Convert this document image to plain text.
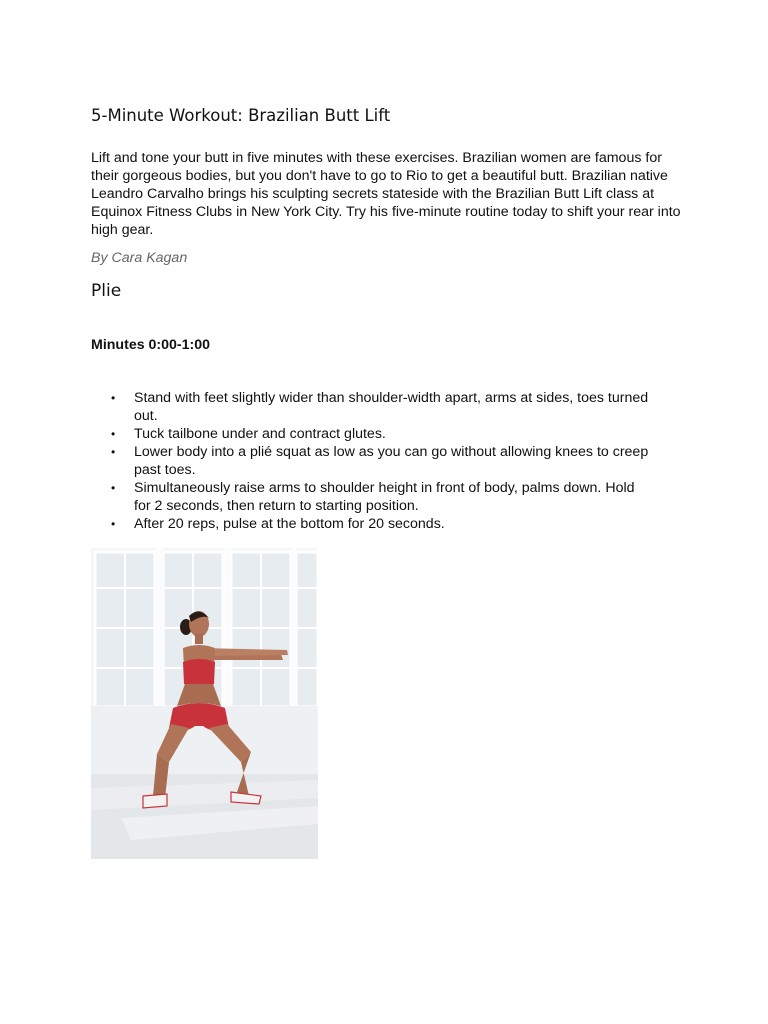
5-Minute Workout: Brazilian Butt Lift

Lift and tone your butt in five minutes with these exercises. Brazilian women are famous for their gorgeous bodies, but you don't have to go to Rio to get a beautiful butt. Brazilian native Leandro Carvalho brings his sculpting secrets stateside with the Brazilian Butt Lift class at Equinox Fitness Clubs in New York City. Try his five-minute routine today to shift your rear into high gear.

By Cara Kagan

Plie

Minutes 0:00-1:00

• Stand with feet slightly wider than shoulder-width apart, arms at sides, toes turned out.
• Tuck tailbone under and contract glutes.
• Lower body into a plié squat as low as you can go without allowing knees to creep past toes.
• Simultaneously raise arms to shoulder height in front of body, palms down. Hold for 2 seconds, then return to starting position.
• After 20 reps, pulse at the bottom for 20 seconds.
